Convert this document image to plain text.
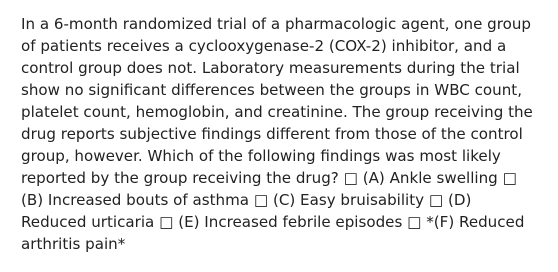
In a 6-month randomized trial of a pharmacologic agent, one group of patients receives a cyclooxygenase-2 (COX-2) inhibitor, and a control group does not. Laboratory measurements during the trial show no significant differences between the groups in WBC count, platelet count, hemoglobin, and creatinine. The group receiving the drug reports subjective findings different from those of the control group, however. Which of the following findings was most likely reported by the group receiving the drug? □ (A) Ankle swelling □ (B) Increased bouts of asthma □ (C) Easy bruisability □ (D) Reduced urticaria □ (E) Increased febrile episodes □ *(F) Reduced arthritis pain*
